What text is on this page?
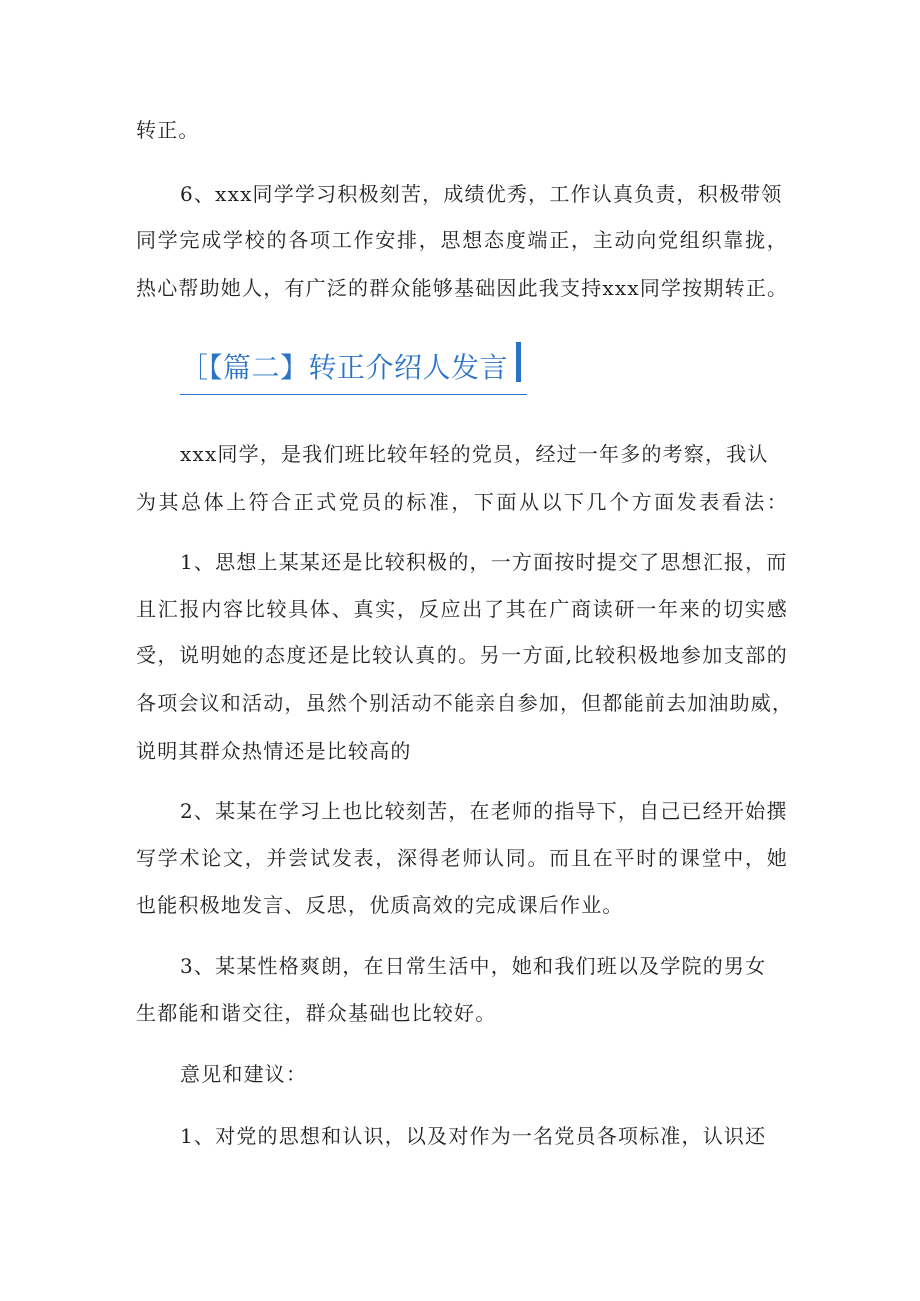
转正。
6、xxx同学学习积极刻苦，成绩优秀，工作认真负责，积极带领
同学完成学校的各项工作安排，思想态度端正，主动向党组织靠拢，
热心帮助她人，有广泛的群众能够基础因此我支持xxx同学按期转正。
［【篇二】转正介绍人发言
xxx同学，是我们班比较年轻的党员，经过一年多的考察，我认
为其总体上符合正式党员的标准，下面从以下几个方面发表看法：
1、思想上某某还是比较积极的，一方面按时提交了思想汇报，而
且汇报内容比较具体、真实，反应出了其在广商读研一年来的切实感
受，说明她的态度还是比较认真的。另一方面,比较积极地参加支部的
各项会议和活动，虽然个别活动不能亲自参加，但都能前去加油助威，
说明其群众热情还是比较高的
2、某某在学习上也比较刻苦，在老师的指导下，自己已经开始撰
写学术论文，并尝试发表，深得老师认同。而且在平时的课堂中，她
也能积极地发言、反思，优质高效的完成课后作业。
3、某某性格爽朗，在日常生活中，她和我们班以及学院的男女
生都能和谐交往，群众基础也比较好。
意见和建议：
1、对党的思想和认识，以及对作为一名党员各项标准，认识还
